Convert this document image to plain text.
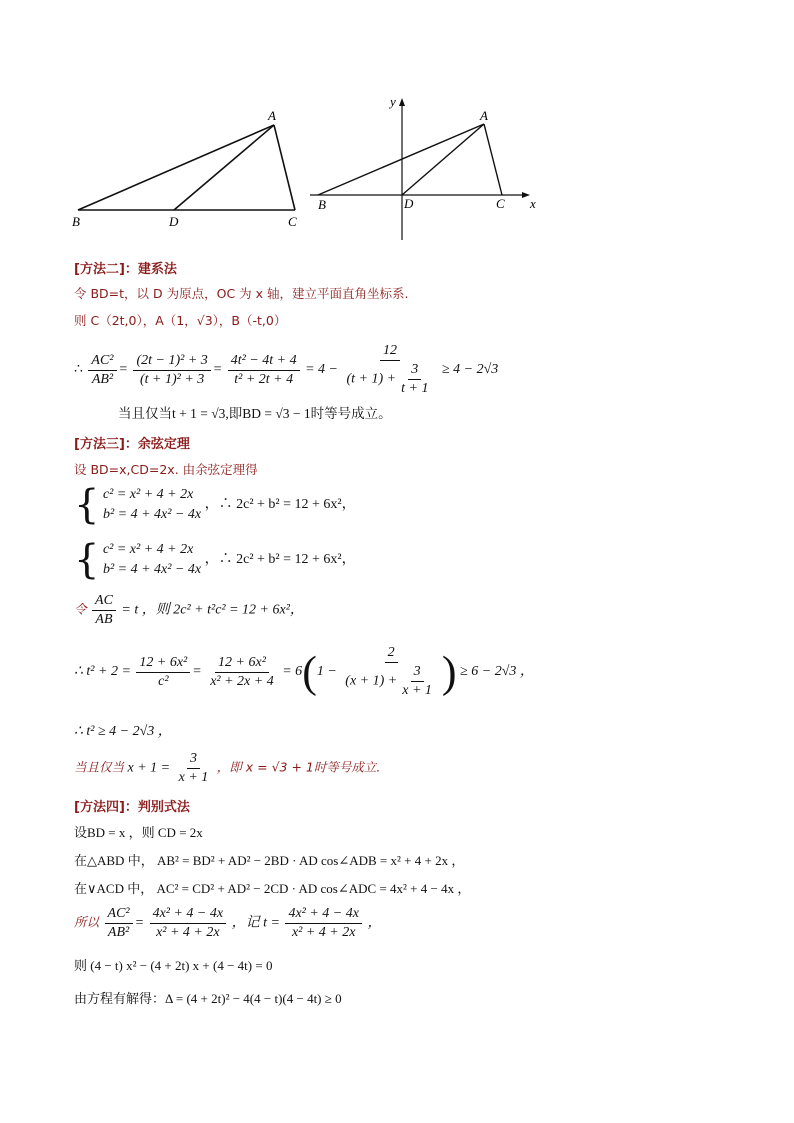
A
B	D	C
y
A
B	D	C x
[方法二]：建系法
令 BD=t，以 D 为原点，OC 为 x 轴，建立平面直角坐标系.
则 C（2t,0），A（1，√3），B（-t,0）
∴ $\frac{\text{AC²}}{\text{AB²}} = \frac{\text{(2t − 1)² + 3}}{\text{(t + 1)² + 3}} = \frac{\text{4t² − 4t + 4}}{\text{t² + 2t + 4}} = 4 - \frac{12}{(t + 1) + \frac{3}{t + 1}} \ge 4 - 2√3$
当且仅当t + 1 = √3,即BD = √3 − 1时等号成立。
[方法三]：余弦定理
设 BD=x,CD=2x. 由余弦定理得
{ c² = x² + 4 + 2x
b² = 4 + 4x² − 4x
，∴ 2c² + b² = 12 + 6x²，
{ c² = x² + 4 + 2x
b² = 4 + 4x² − 4x
，∴ 2c² + b² = 12 + 6x²，
令 $\frac{AC}{AB} = t$ ，则 2c² + t²c² = 12 + 6x²，
∴ $t^2 + 2 = \frac{\text{12 + 6x²}}{\text{c²}} = \frac{\text{12 + 6x²}}{\text{x² + 2x + 4}} = 6(1 - \frac{2}{(x + 1) + \frac{3}{x + 1}}$ ) ≥ 6 − 2√3 ，
∴ t² ≥ 4 − 2√3 ，
当且仅当 $x + 1 = \frac{3}{x + 1}$ ，即 x = √3 + 1时等号成立.
[方法四]：判别式法
设BD = x ，则 CD = 2x
在△ABD 中， AB² = BD² + AD² − 2BD · AD cos∠ADB = x² + 4 + 2x ，
在∨ACD 中， AC² = CD² + AD² − 2CD · AD cos∠ADC = 4x² + 4 − 4x ，
所以 $\frac{\text{AC²}}{\text{AB²}} = \frac{\text{4x² + 4 − 4x}}{\text{x² + 4 + 2x}}$ ，记 $t = \frac{\text{4x² + 4 − 4x}}{\text{x² + 4 + 2x}}$ ，
则 (4 − t) x² − (4 + 2t) x + (4 − 4t) = 0
由方程有解得：Δ = (4 + 2t)² − 4(4 − t)(4 − 4t) ≥ 0
